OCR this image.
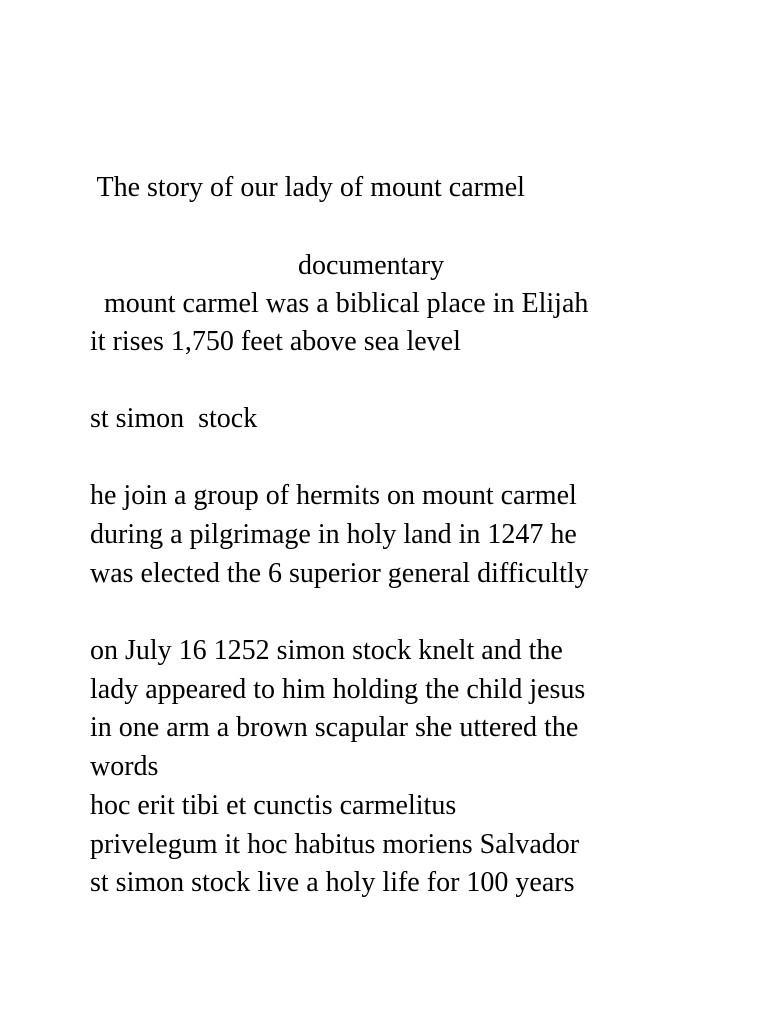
The story of our lady of mount carmel
documentary
mount carmel was a biblical place in Elijah
it rises 1,750 feet above sea level
st simon  stock
he join a group of hermits on mount carmel
during a pilgrimage in holy land in 1247 he
was elected the 6 superior general difficultly
on July 16 1252 simon stock knelt and the
lady appeared to him holding the child jesus
in one arm a brown scapular she uttered the
words
hoc erit tibi et cunctis carmelitus
privelegum it hoc habitus moriens Salvador
st simon stock live a holy life for 100 years
